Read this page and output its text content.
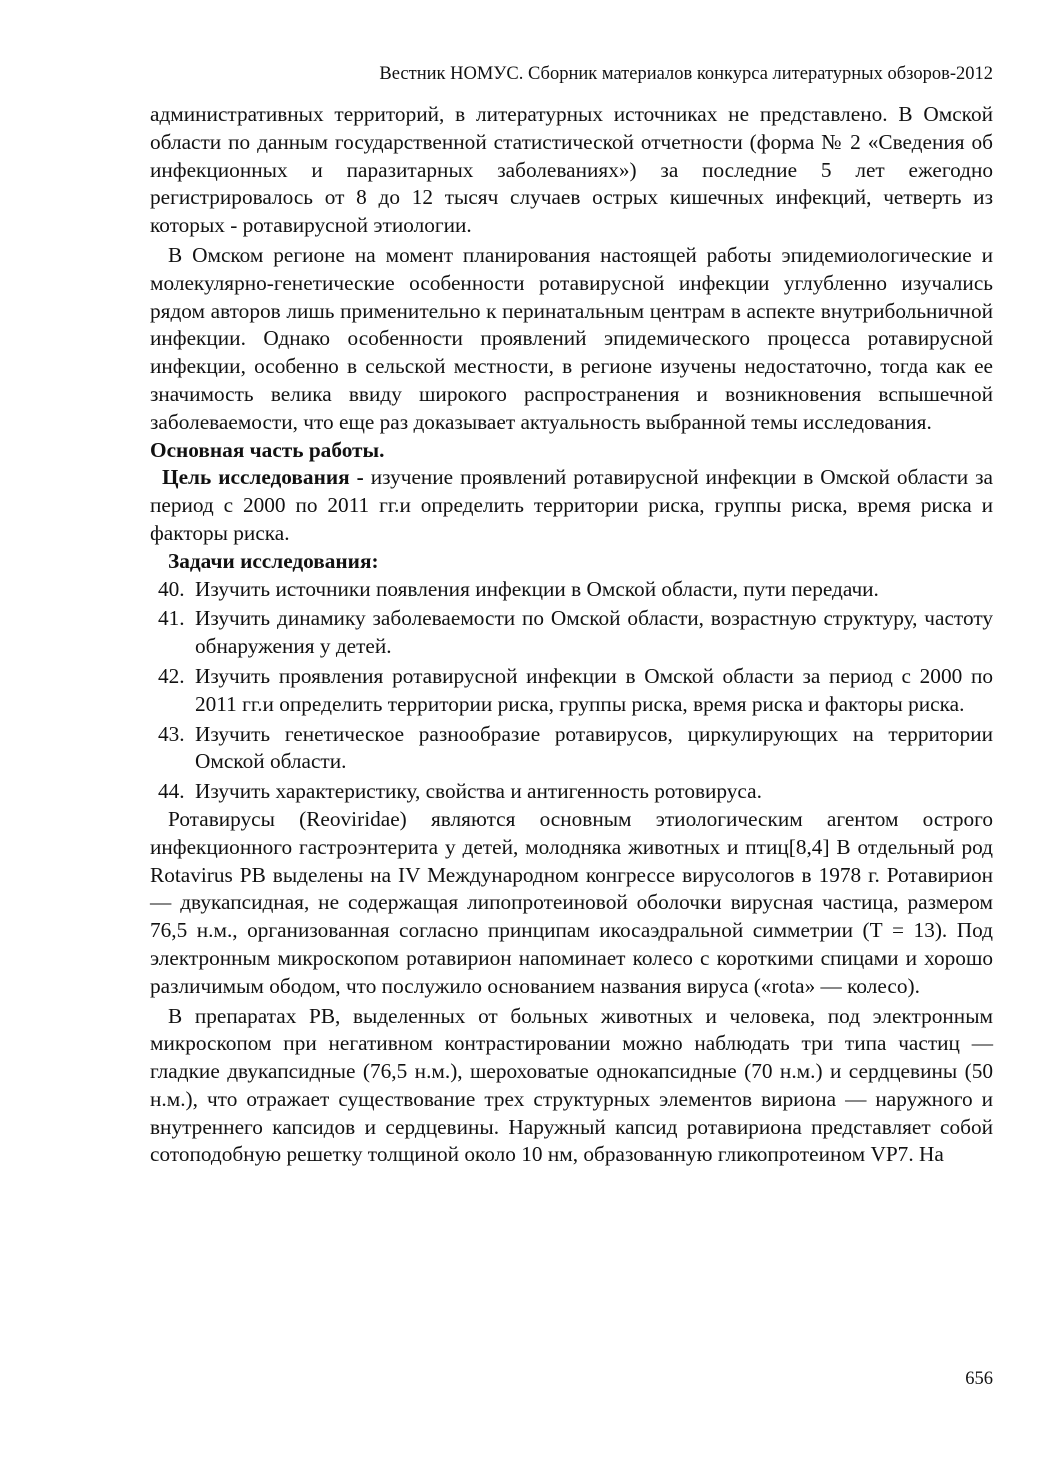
Вестник НОМУС. Сборник материалов конкурса литературных обзоров-2012

административных территорий, в литературных источниках не представлено. В Омской области по данным государственной статистической отчетности (форма № 2 «Сведения об инфекционных и паразитарных заболеваниях») за последние 5 лет ежегодно регистрировалось от 8 до 12 тысяч случаев острых кишечных инфекций, четверть из которых - ротавирусной этиологии.

В Омском регионе на момент планирования настоящей работы эпидемиологические и молекулярно-генетические особенности ротавирусной инфекции углубленно изучались рядом авторов лишь применительно к перинатальным центрам в аспекте внутрибольничной инфекции. Однако особенности проявлений эпидемического процесса ротавирусной инфекции, особенно в сельской местности, в регионе изучены недостаточно, тогда как ее значимость велика ввиду широкого распространения и возникновения вспышечной заболеваемости, что еще раз доказывает актуальность выбранной темы исследования.

Основная часть работы.

Цель исследования - изучение проявлений ротавирусной инфекции в Омской области за период с 2000 по 2011 гг.и определить территории риска, группы риска, время риска и факторы риска.

Задачи исследования:

40. Изучить источники появления инфекции в Омской области, пути передачи.
41. Изучить динамику заболеваемости по Омской области, возрастную структуру, частоту обнаружения у детей.
42. Изучить проявления ротавирусной инфекции в Омской области за период с 2000 по 2011 гг.и определить территории риска, группы риска, время риска и факторы риска.
43. Изучить генетическое разнообразие ротавирусов, циркулирующих на территории Омской области.
44. Изучить характеристику, свойства и антигенность ротовируса.

Ротавирусы (Reoviridae) являются основным этиологическим агентом острого инфекционного гастроэнтерита у детей, молодняка животных и птиц[8,4] В отдельный род Rotavirus РВ выделены на IV Международном конгрессе вирусологов в 1978 г. Ротавирион — двукапсидная, не содержащая липопротеиновой оболочки вирусная частица, размером 76,5 н.м., организованная согласно принципам икосаэдральной симметрии (Т = 13). Под электронным микроскопом ротавирион напоминает колесо с короткими спицами и хорошо различимым ободом, что послужило основанием названия вируса («rota» — колесо).

В препаратах РВ, выделенных от больных животных и человека, под электронным микроскопом при негативном контрастировании можно наблюдать три типа частиц — гладкие двукапсидные (76,5 н.м.), шероховатые однокапсидные (70 н.м.) и сердцевины (50 н.м.), что отражает существование трех структурных элементов вириона — наружного и внутреннего капсидов и сердцевины. Наружный капсид ротавириона представляет собой сотоподобную решетку толщиной около 10 нм, образованную гликопротеином VP7. На

656
